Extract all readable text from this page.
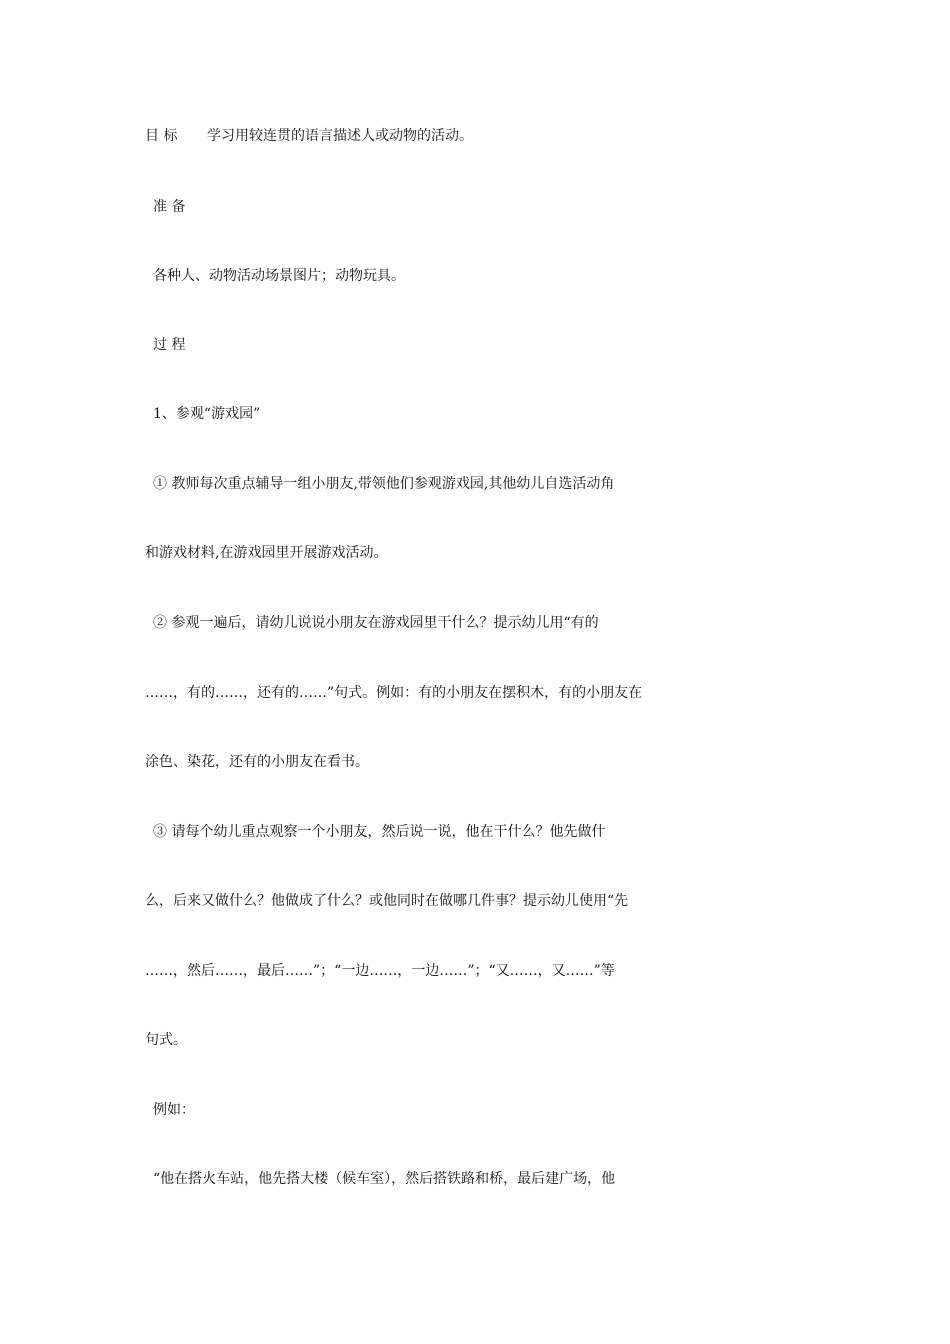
目 标 学习用较连贯的语言描述人或动物的活动。
准 备
各种人、动物活动场景图片；动物玩具。
过 程
1、参观“游戏园”
① 教师每次重点辅导一组小朋友,带领他们参观游戏园,其他幼儿自选活动角
和游戏材料,在游戏园里开展游戏活动。
② 参观一遍后，请幼儿说说小朋友在游戏园里干什么？提示幼儿用“有的
……，有的……，还有的……”句式。例如：有的小朋友在摆积木，有的小朋友在
涂色、染花，还有的小朋友在看书。
③ 请每个幼儿重点观察一个小朋友，然后说一说，他在干什么？他先做什
么，后来又做什么？他做成了什么？或他同时在做哪几件事？提示幼儿使用“先
……，然后……，最后……”；“一边……，一边……”；“又……，又……”等
句式。
例如：
“他在搭火车站，他先搭大楼（候车室），然后搭铁路和桥，最后建广场，他
